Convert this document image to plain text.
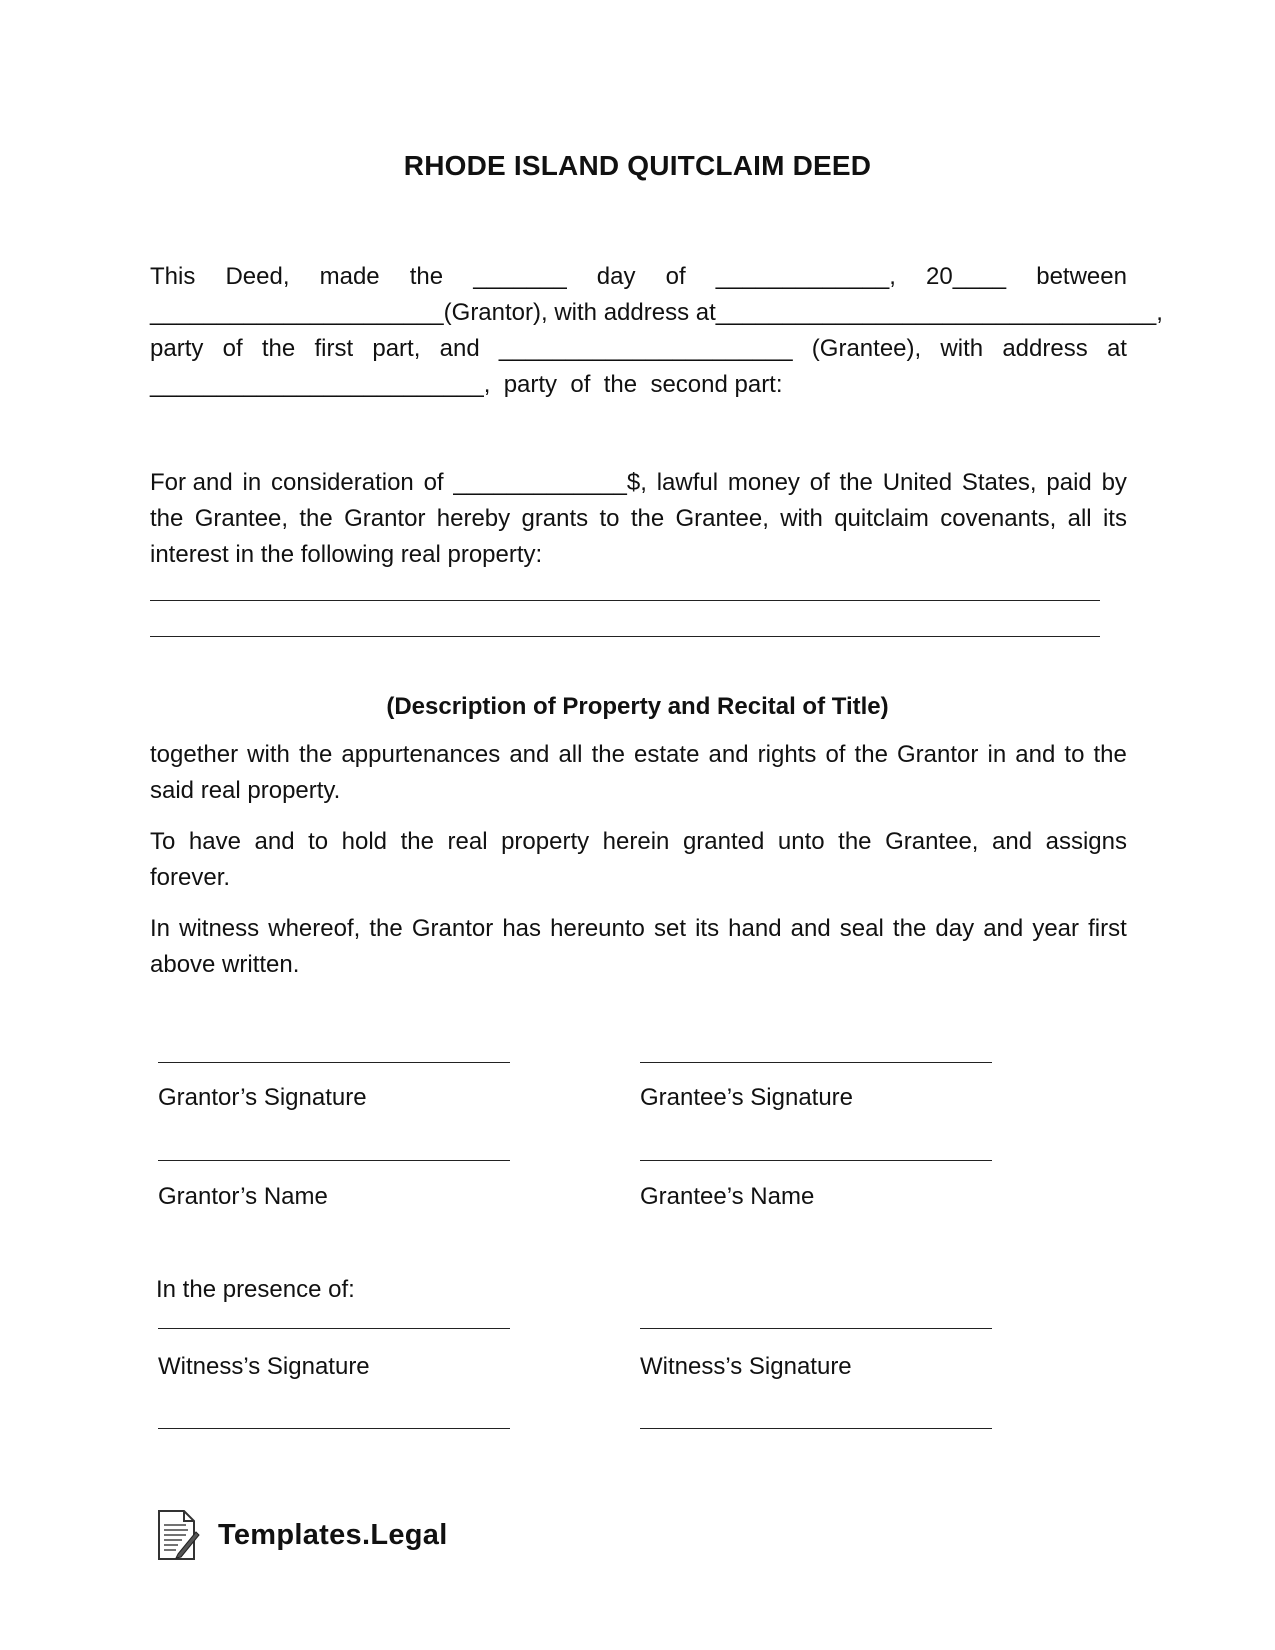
RHODE ISLAND QUITCLAIM DEED
This Deed, made the _______ day of _____________, 20____ between
______________________ (Grantor), with address at _________________________________,
party of the first part, and ______________________ (Grantee), with address at
_________________________,  party  of  the  second part:
For and in consideration of _____________$, lawful money of the United States, paid by
the Grantee, the Grantor hereby grants to the Grantee, with quitclaim covenants, all its
interest in the following real property:
(Description of Property and Recital of Title)
together with the appurtenances and all the estate and rights of the Grantor in and to the
said real property.
To have and to hold the real property herein granted unto the Grantee, and assigns
forever.
In witness whereof, the Grantor has hereunto set its hand and seal the day and year first
above written.
Grantor’s Signature	Grantee’s Signature
Grantor’s Name	Grantee’s Name
In the presence of:
Witness’s Signature	Witness’s Signature
Templates.Legal
